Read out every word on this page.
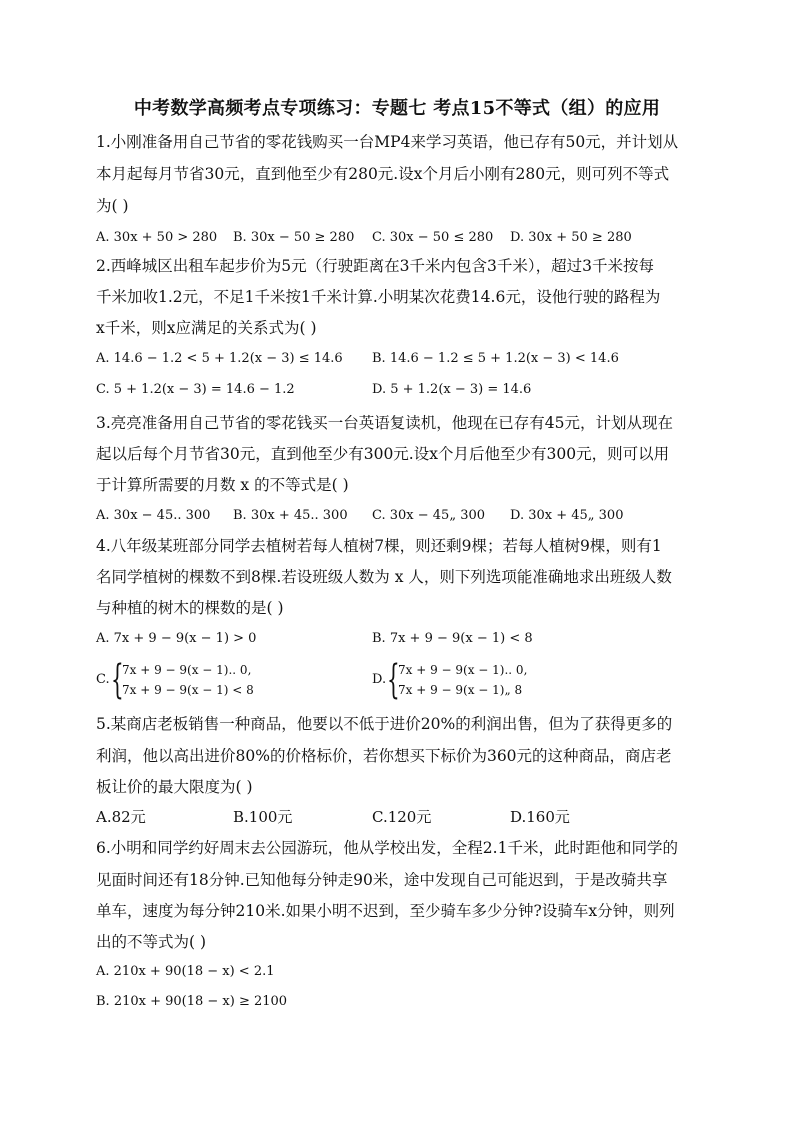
中考数学高频考点专项练习：专题七 考点15不等式（组）的应用
1.小刚准备用自己节省的零花钱购买一台MP4来学习英语，他已存有50元，并计划从
本月起每月节省30元，直到他至少有280元.设x个月后小刚有280元，则可列不等式
为( )
A. 30x + 50 > 280 B. 30x − 50 ≥ 280 C. 30x − 50 ≤ 280 D. 30x + 50 ≥ 280
2.西峰城区出租车起步价为5元（行驶距离在3千米内包含3千米），超过3千米按每
千米加收1.2元，不足1千米按1千米计算.小明某次花费14.6元，设他行驶的路程为
x千米，则x应满足的关系式为( )
A. 14.6 − 1.2 < 5 + 1.2(x − 3) ≤ 14.6 B. 14.6 − 1.2 ≤ 5 + 1.2(x − 3) < 14.6
C. 5 + 1.2(x − 3) = 14.6 − 1.2	D. 5 + 1.2(x − 3) = 14.6
3.亮亮准备用自己节省的零花钱买一台英语复读机，他现在已存有45元，计划从现在
起以后每个月节省30元，直到他至少有300元.设x个月后他至少有300元，则可以用
于计算所需要的月数 x 的不等式是( )
A. 30x − 45.. 300 B. 30x + 45.. 300 C. 30x − 45„ 300 D. 30x + 45„ 300
4.八年级某班部分同学去植树若每人植树7棵，则还剩9棵；若每人植树9棵，则有1
名同学植树的棵数不到8棵.若设班级人数为 x 人，则下列选项能准确地求出班级人数
与种植的树木的棵数的是( )
A. 7x + 9 − 9(x − 1) > 0	B. 7x + 9 − 9(x − 1) < 8
C. {
7x + 9 − 9(x − 1).. 0,
7x + 9 − 9(x − 1) < 8
D. {
7x + 9 − 9(x − 1).. 0,
7x + 9 − 9(x − 1)„ 8
5.某商店老板销售一种商品，他要以不低于进价20%的利润出售，但为了获得更多的
利润，他以高出进价80%的价格标价，若你想买下标价为360元的这种商品，商店老
板让价的最大限度为( )
A.82元	B.100元	C.120元	D.160元
6.小明和同学约好周末去公园游玩，他从学校出发，全程2.1千米，此时距他和同学的
见面时间还有18分钟.已知他每分钟走90米，途中发现自己可能迟到，于是改骑共享
单车，速度为每分钟210米.如果小明不迟到，至少骑车多少分钟?设骑车x分钟，则列
出的不等式为( )
A. 210x + 90(18 − x) < 2.1
B. 210x + 90(18 − x) ≥ 2100
